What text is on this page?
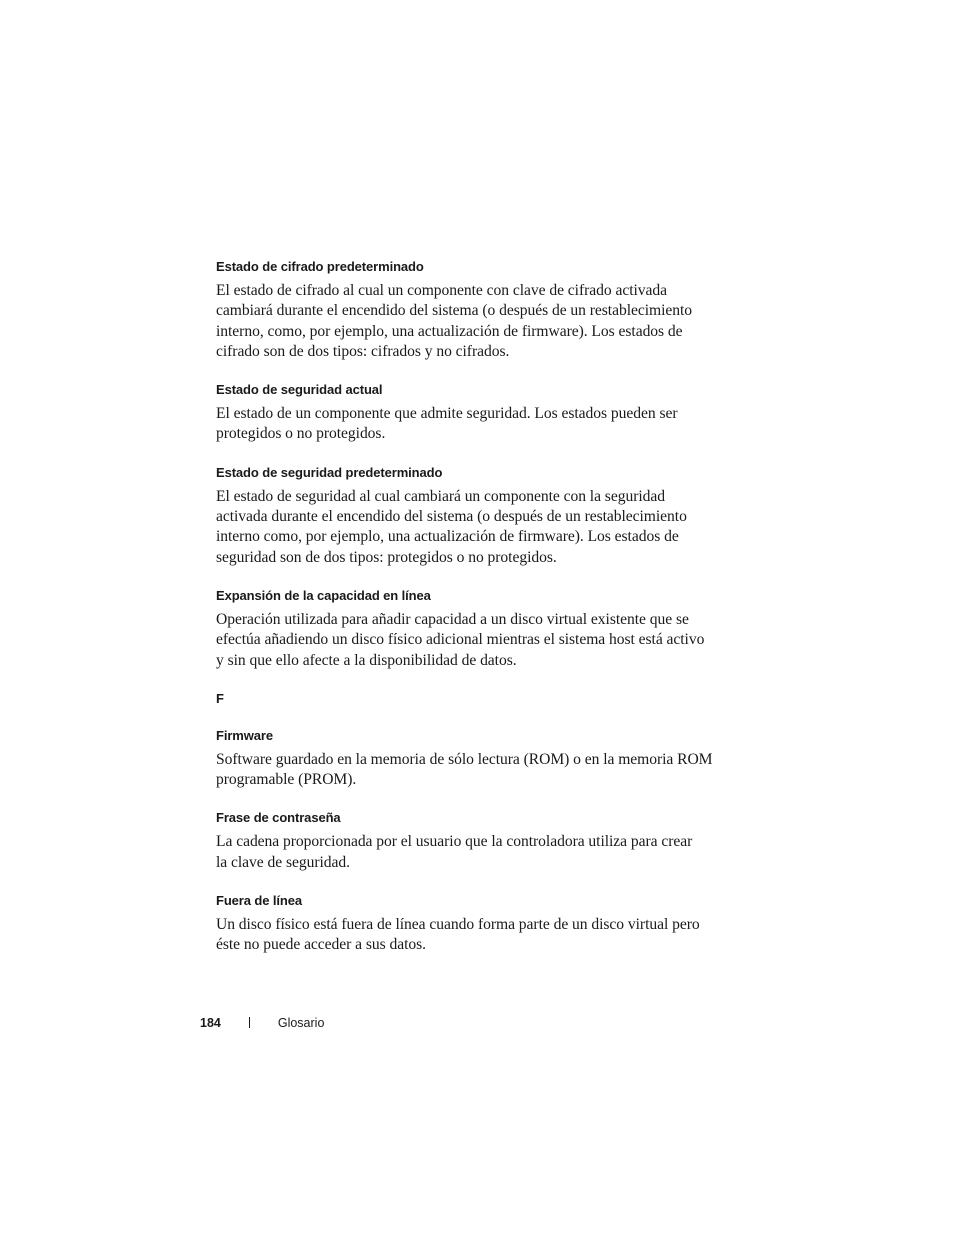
Estado de cifrado predeterminado
El estado de cifrado al cual un componente con clave de cifrado activada
cambiará durante el encendido del sistema (o después de un restablecimiento
interno, como, por ejemplo, una actualización de firmware). Los estados de
cifrado son de dos tipos: cifrados y no cifrados.
Estado de seguridad actual
El estado de un componente que admite seguridad. Los estados pueden ser
protegidos o no protegidos.
Estado de seguridad predeterminado
El estado de seguridad al cual cambiará un componente con la seguridad
activada durante el encendido del sistema (o después de un restablecimiento
interno como, por ejemplo, una actualización de firmware). Los estados de
seguridad son de dos tipos: protegidos o no protegidos.
Expansión de la capacidad en línea
Operación utilizada para añadir capacidad a un disco virtual existente que se
efectúa añadiendo un disco físico adicional mientras el sistema host está activo
y sin que ello afecte a la disponibilidad de datos.
F
Firmware
Software guardado en la memoria de sólo lectura (ROM) o en la memoria ROM
programable (PROM).
Frase de contraseña
La cadena proporcionada por el usuario que la controladora utiliza para crear
la clave de seguridad.
Fuera de línea
Un disco físico está fuera de línea cuando forma parte de un disco virtual pero
éste no puede acceder a sus datos.
184	Glosario
